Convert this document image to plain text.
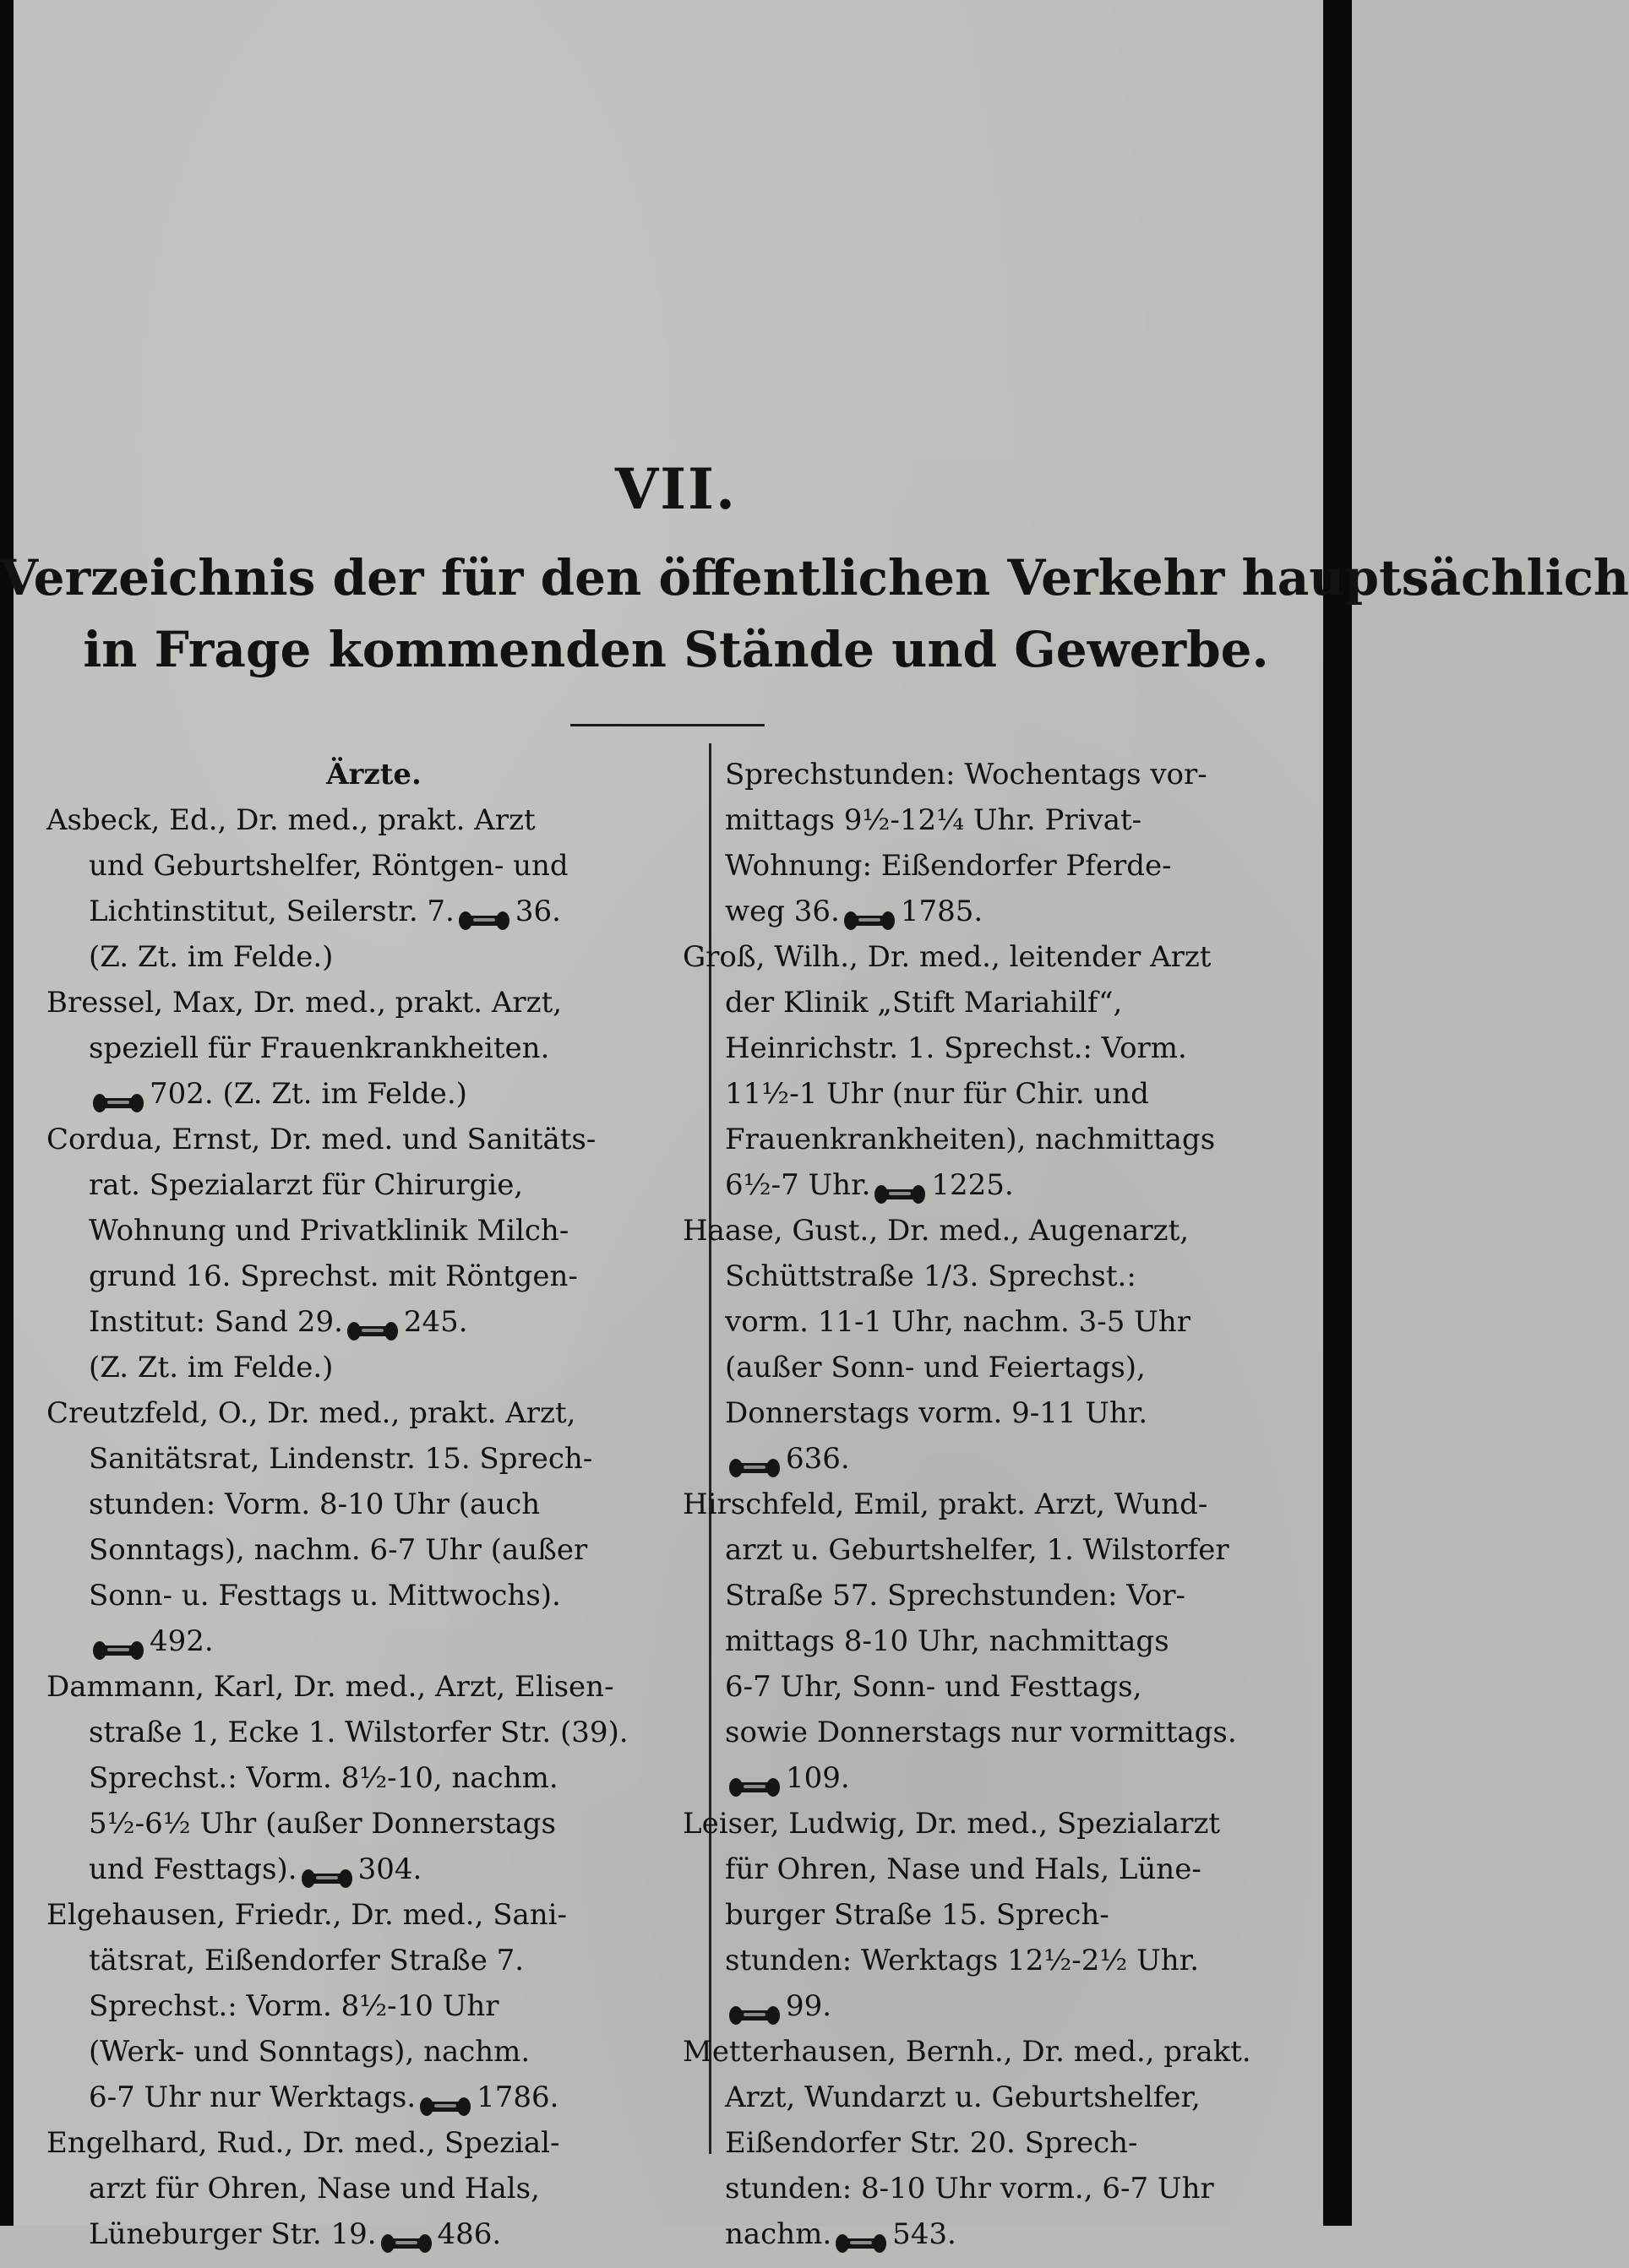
VII.
Verzeichnis der für den öffentlichen Verkehr hauptsächlich
in Frage kommenden Stände und Gewerbe.
Ärzte.
Asbeck, Ed., Dr. med., prakt. Arzt
und Geburtshelfer, Röntgen- und
Lichtinstitut, Seilerstr. 7. 36.
(Z. Zt. im Felde.)
Bressel, Max, Dr. med., prakt. Arzt,
speziell für Frauenkrankheiten.
702. (Z. Zt. im Felde.)
Cordua, Ernst, Dr. med. und Sanitäts-
rat. Spezialarzt für Chirurgie,
Wohnung und Privatklinik Milch-
grund 16. Sprechst. mit Röntgen-
Institut: Sand 29. 245.
(Z. Zt. im Felde.)
Creutzfeld, O., Dr. med., prakt. Arzt,
Sanitätsrat, Lindenstr. 15. Sprech-
stunden: Vorm. 8-10 Uhr (auch
Sonntags), nachm. 6-7 Uhr (außer
Sonn- u. Festtags u. Mittwochs).
492.
Dammann, Karl, Dr. med., Arzt, Elisen-
straße 1, Ecke 1. Wilstorfer Str. (39).
Sprechst.: Vorm. 8½-10, nachm.
5½-6½ Uhr (außer Donnerstags
und Festtags). 304.
Elgehausen, Friedr., Dr. med., Sani-
tätsrat, Eißendorfer Straße 7.
Sprechst.: Vorm. 8½-10 Uhr
(Werk- und Sonntags), nachm.
6-7 Uhr nur Werktags. 1786.
Engelhard, Rud., Dr. med., Spezial-
arzt für Ohren, Nase und Hals,
Lüneburger Str. 19. 486.
Sprechstunden: Wochentags vor-
mittags 9½-12¼ Uhr. Privat-
Wohnung: Eißendorfer Pferde-
weg 36. 1785.
Groß, Wilh., Dr. med., leitender Arzt
der Klinik „Stift Mariahilf“,
Heinrichstr. 1. Sprechst.: Vorm.
11½-1 Uhr (nur für Chir. und
Frauenkrankheiten), nachmittags
6½-7 Uhr. 1225.
Haase, Gust., Dr. med., Augenarzt,
Schüttstraße 1/3. Sprechst.:
vorm. 11-1 Uhr, nachm. 3-5 Uhr
(außer Sonn- und Feiertags),
Donnerstags vorm. 9-11 Uhr.
636.
Hirschfeld, Emil, prakt. Arzt, Wund-
arzt u. Geburtshelfer, 1. Wilstorfer
Straße 57. Sprechstunden: Vor-
mittags 8-10 Uhr, nachmittags
6-7 Uhr, Sonn- und Festtags,
sowie Donnerstags nur vormittags.
109.
Leiser, Ludwig, Dr. med., Spezialarzt
für Ohren, Nase und Hals, Lüne-
burger Straße 15. Sprech-
stunden: Werktags 12½-2½ Uhr.
99.
Metterhausen, Bernh., Dr. med., prakt.
Arzt, Wundarzt u. Geburtshelfer,
Eißendorfer Str. 20. Sprech-
stunden: 8-10 Uhr vorm., 6-7 Uhr
nachm. 543.
